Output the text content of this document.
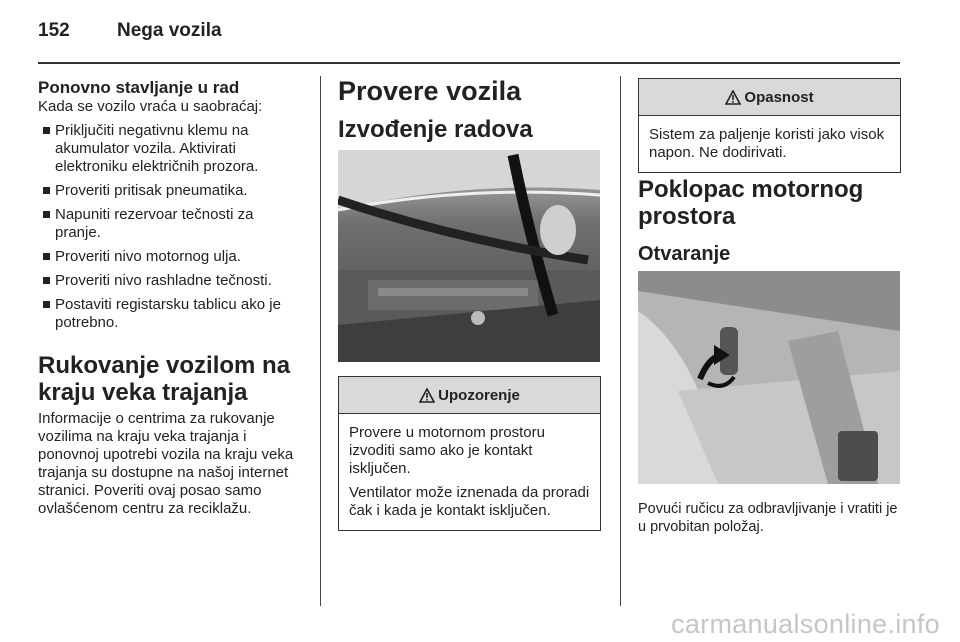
152 Nega vozila
Ponovno stavljanje u rad

Kada se vozilo vraća u saobraćaj:

Priključiti negativnu klemu na akumulator vozila. Aktivirati elektroniku električnih prozora.
Proveriti pritisak pneumatika.
Napuniti rezervoar tečnosti za pranje.
Proveriti nivo motornog ulja.
Proveriti nivo rashladne tečnosti.
Postaviti registarsku tablicu ako je potrebno.
Rukovanje vozilom na kraju veka trajanja

Informacije o centrima za rukovanje vozilima na kraju veka trajanja i ponovnoj upotrebi vozila na kraju veka trajanja su dostupne na našoj internet stranici. Poveriti ovaj posao samo ovlašćenom centru za reciklažu.

Provere vozila
Izvođenje radova
Upozorenje

Provere u motornom prostoru izvoditi samo ako je kontakt isključen.

Ventilator može iznenada da proradi čak i kada je kontakt isključen.

Opasnost

Sistem za paljenje koristi jako visok napon. Ne dodirivati.

Poklopac motornog prostora
Otvaranje

Povući ručicu za odbravljivanje i vratiti je u prvobitan položaj.

carmanualsonline.info
